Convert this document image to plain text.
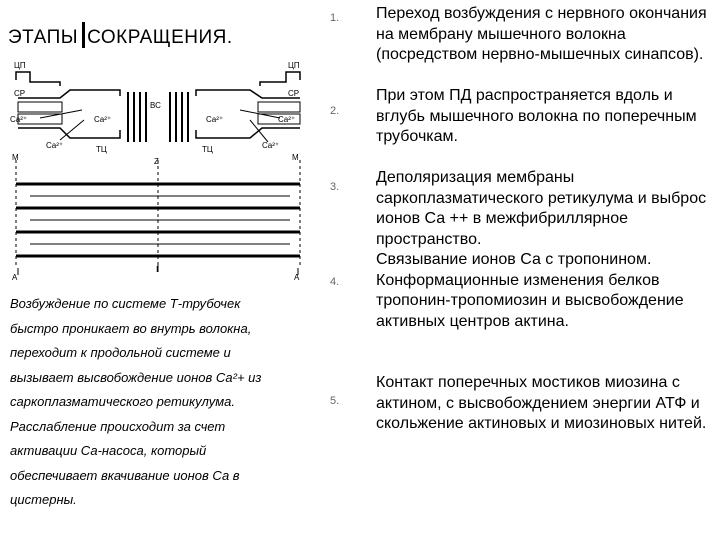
ЭТАПЫ СОКРАЩЕНИЯ.
ЦП	ЦП
СР	СР
Ca²⁺	Ca²⁺	Ca²⁺	Ca²⁺
Ca²⁺	Ca²⁺
ВС
ТЦ	ТЦ
М	М
Z
A	A
I
Возбуждение по системе Т-трубочек
быстро проникает во внутрь волокна,
переходит к продольной системе и
вызывает высвобождение ионов Са²+ из
саркоплазматического ретикулума.
Расслабление происходит за счет
активации Са-насоса, который
обеспечивает вкачивание ионов Са в
цистерны.
1.
2.
3.
4.
5.
Переход возбуждения с нервного окончания на мембрану мышечного волокна (посредством нервно-мышечных синапсов).
При этом ПД распространяется вдоль и вглубь мышечного волокна по поперечным трубочкам.
Деполяризация мембраны саркоплазматического ретикулума и выброс ионов Са ++ в межфибриллярное пространство.
Связывание ионов Са с тропонином. Конформационные изменения белков тропонин-тропомиозин и высвобождение активных центров актина.
Контакт поперечных мостиков миозина с актином, с высвобождением энергии АТФ и скольжение актиновых и миозиновых нитей.
